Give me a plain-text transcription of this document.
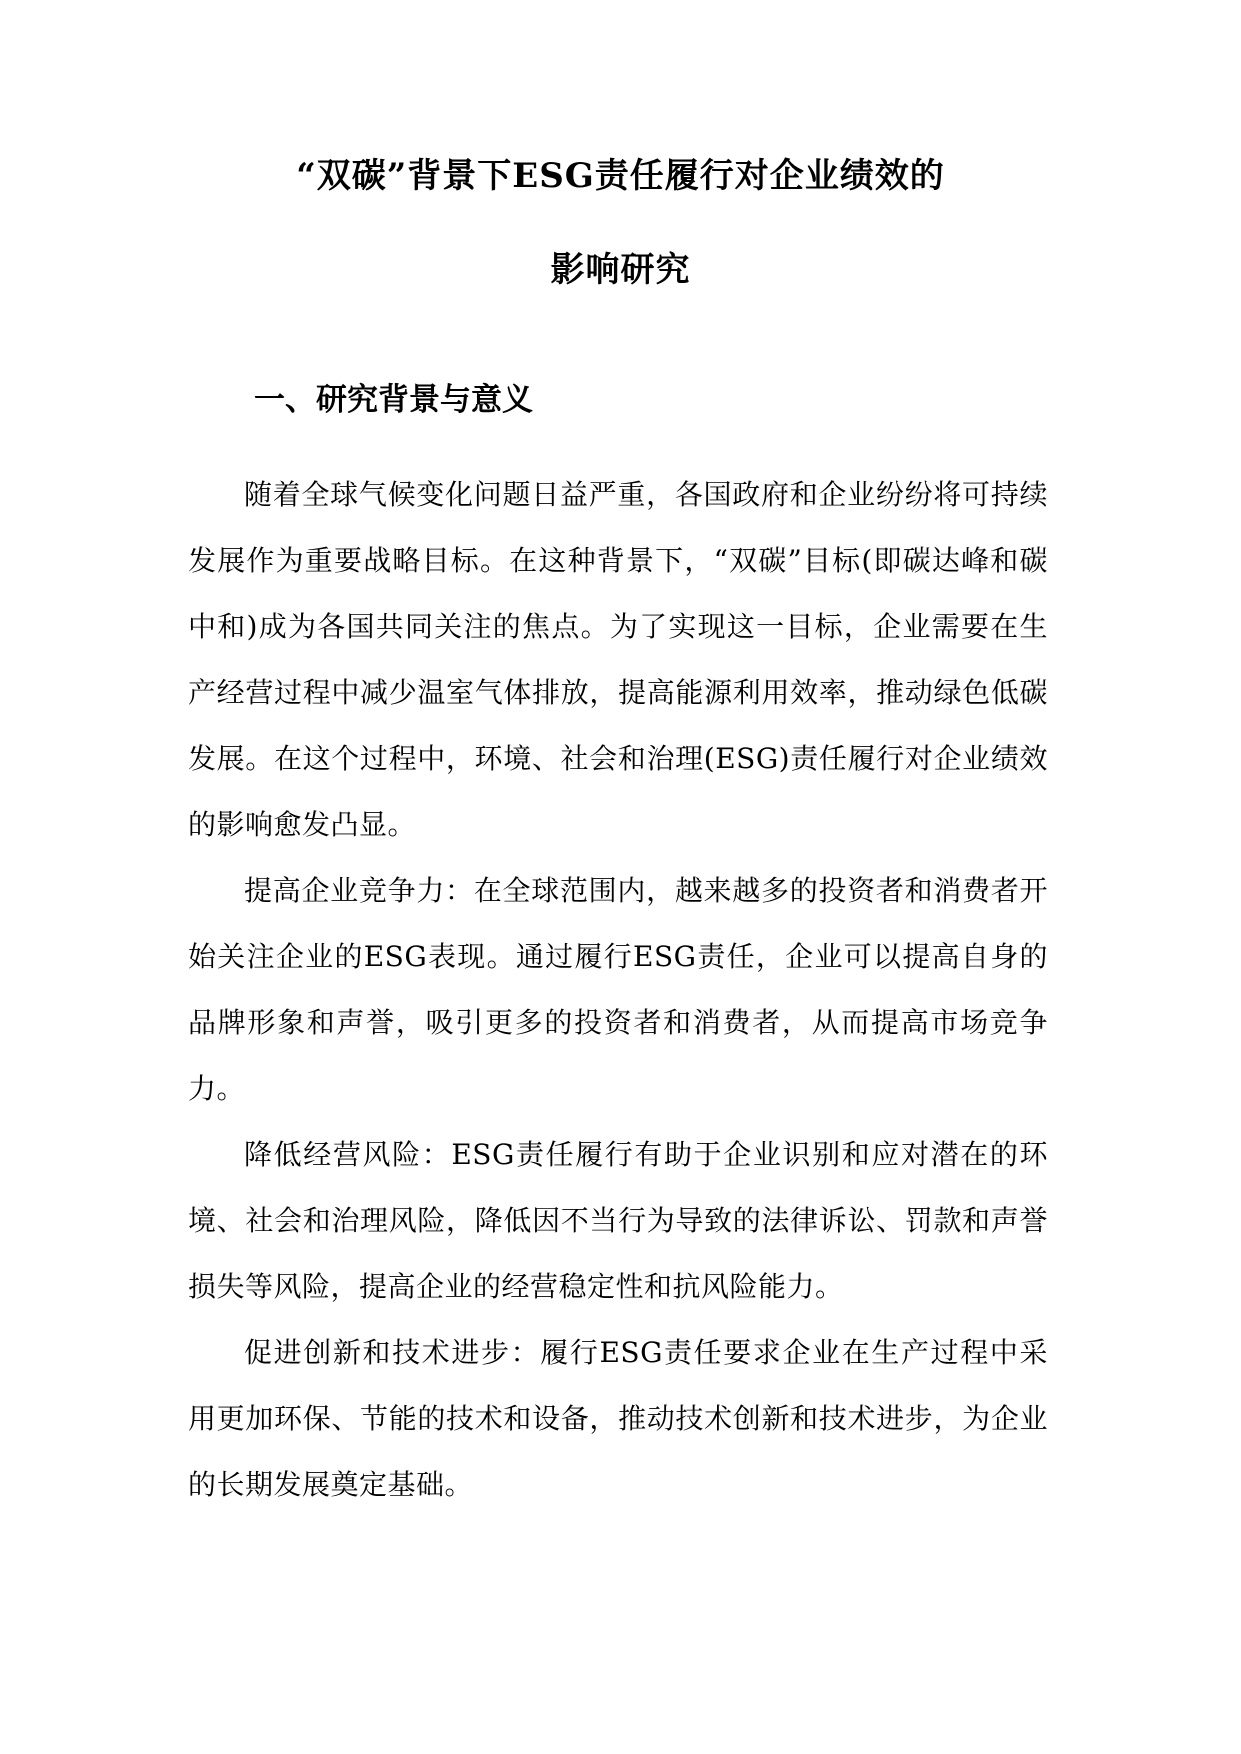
“双碳”背景下ESG责任履行对企业绩效的
影响研究
一、研究背景与意义

随着全球气候变化问题日益严重，各国政府和企业纷纷将可持续发展作为重要战略目标。在这种背景下，“双碳”目标(即碳达峰和碳中和)成为各国共同关注的焦点。为了实现这一目标，企业需要在生产经营过程中减少温室气体排放，提高能源利用效率，推动绿色低碳发展。在这个过程中，环境、社会和治理(ESG)责任履行对企业绩效的影响愈发凸显。

提高企业竞争力：在全球范围内，越来越多的投资者和消费者开始关注企业的ESG表现。通过履行ESG责任，企业可以提高自身的品牌形象和声誉，吸引更多的投资者和消费者，从而提高市场竞争力。

降低经营风险：ESG责任履行有助于企业识别和应对潜在的环境、社会和治理风险，降低因不当行为导致的法律诉讼、罚款和声誉损失等风险，提高企业的经营稳定性和抗风险能力。

促进创新和技术进步：履行ESG责任要求企业在生产过程中采用更加环保、节能的技术和设备，推动技术创新和技术进步，为企业的长期发展奠定基础。
